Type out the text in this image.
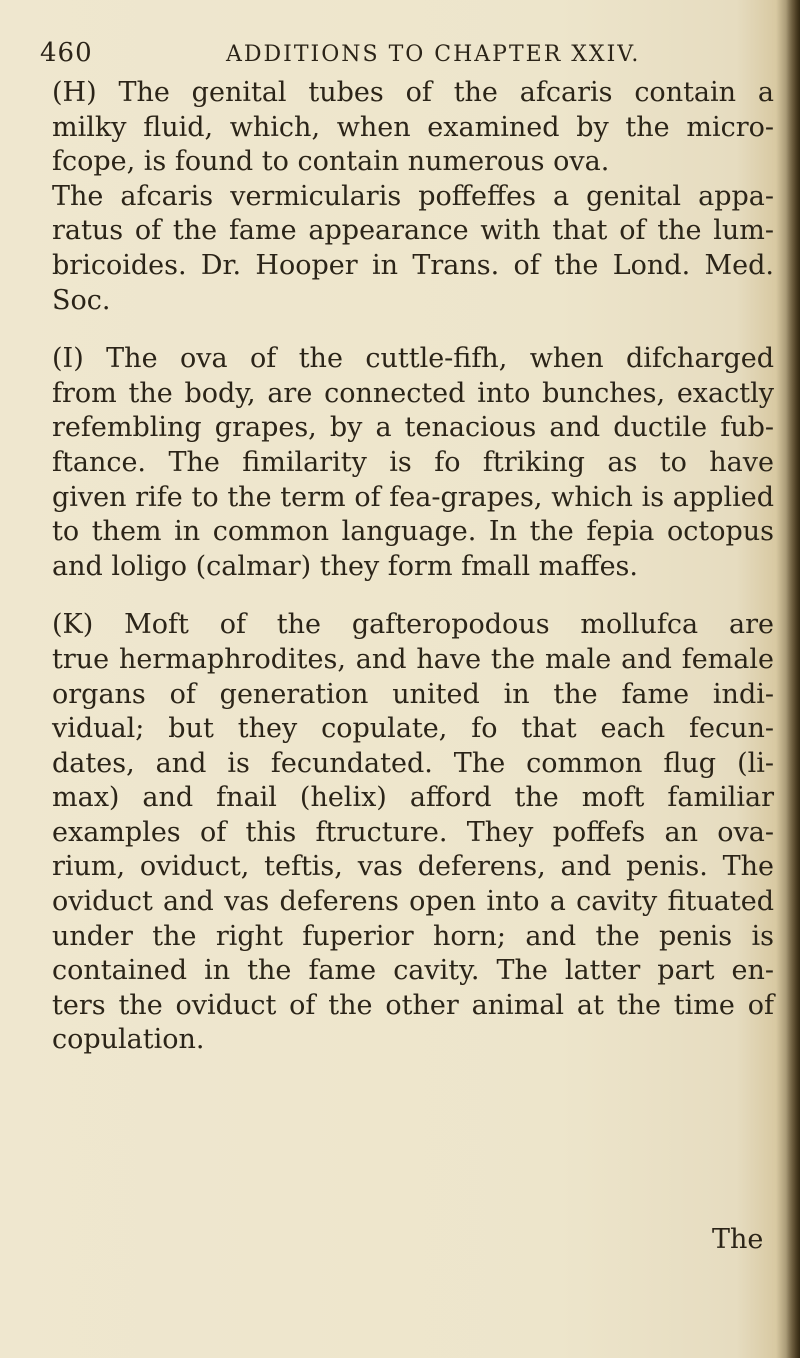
460	ADDITIONS TO CHAPTER XXIV.
(H) The genital tubes of the afcaris contain a
milky fluid, which, when examined by the micro-
fcope, is found to contain numerous ova.
The afcaris vermicularis poffeffes a genital appa-
ratus of the fame appearance with that of the lum-
bricoides. Dr. Hooper in Trans. of the Lond. Med.
Soc.
(I) The ova of the cuttle-fifh, when difcharged
from the body, are connected into bunches, exactly
refembling grapes, by a tenacious and ductile fub-
ftance. The fimilarity is fo ftriking as to have
given rife to the term of fea-grapes, which is applied
to them in common language. In the fepia octopus
and loligo (calmar) they form fmall maffes.
(K) Moft of the gafteropodous mollufca are
true hermaphrodites, and have the male and female
organs of generation united in the fame indi-
vidual; but they copulate, fo that each fecun-
dates, and is fecundated. The common flug (li-
max) and fnail (helix) afford the moft familiar
examples of this ftructure. They poffefs an ova-
rium, oviduct, teftis, vas deferens, and penis. The
oviduct and vas deferens open into a cavity fituated
under the right fuperior horn; and the penis is
contained in the fame cavity. The latter part en-
ters the oviduct of the other animal at the time of
copulation.
The
